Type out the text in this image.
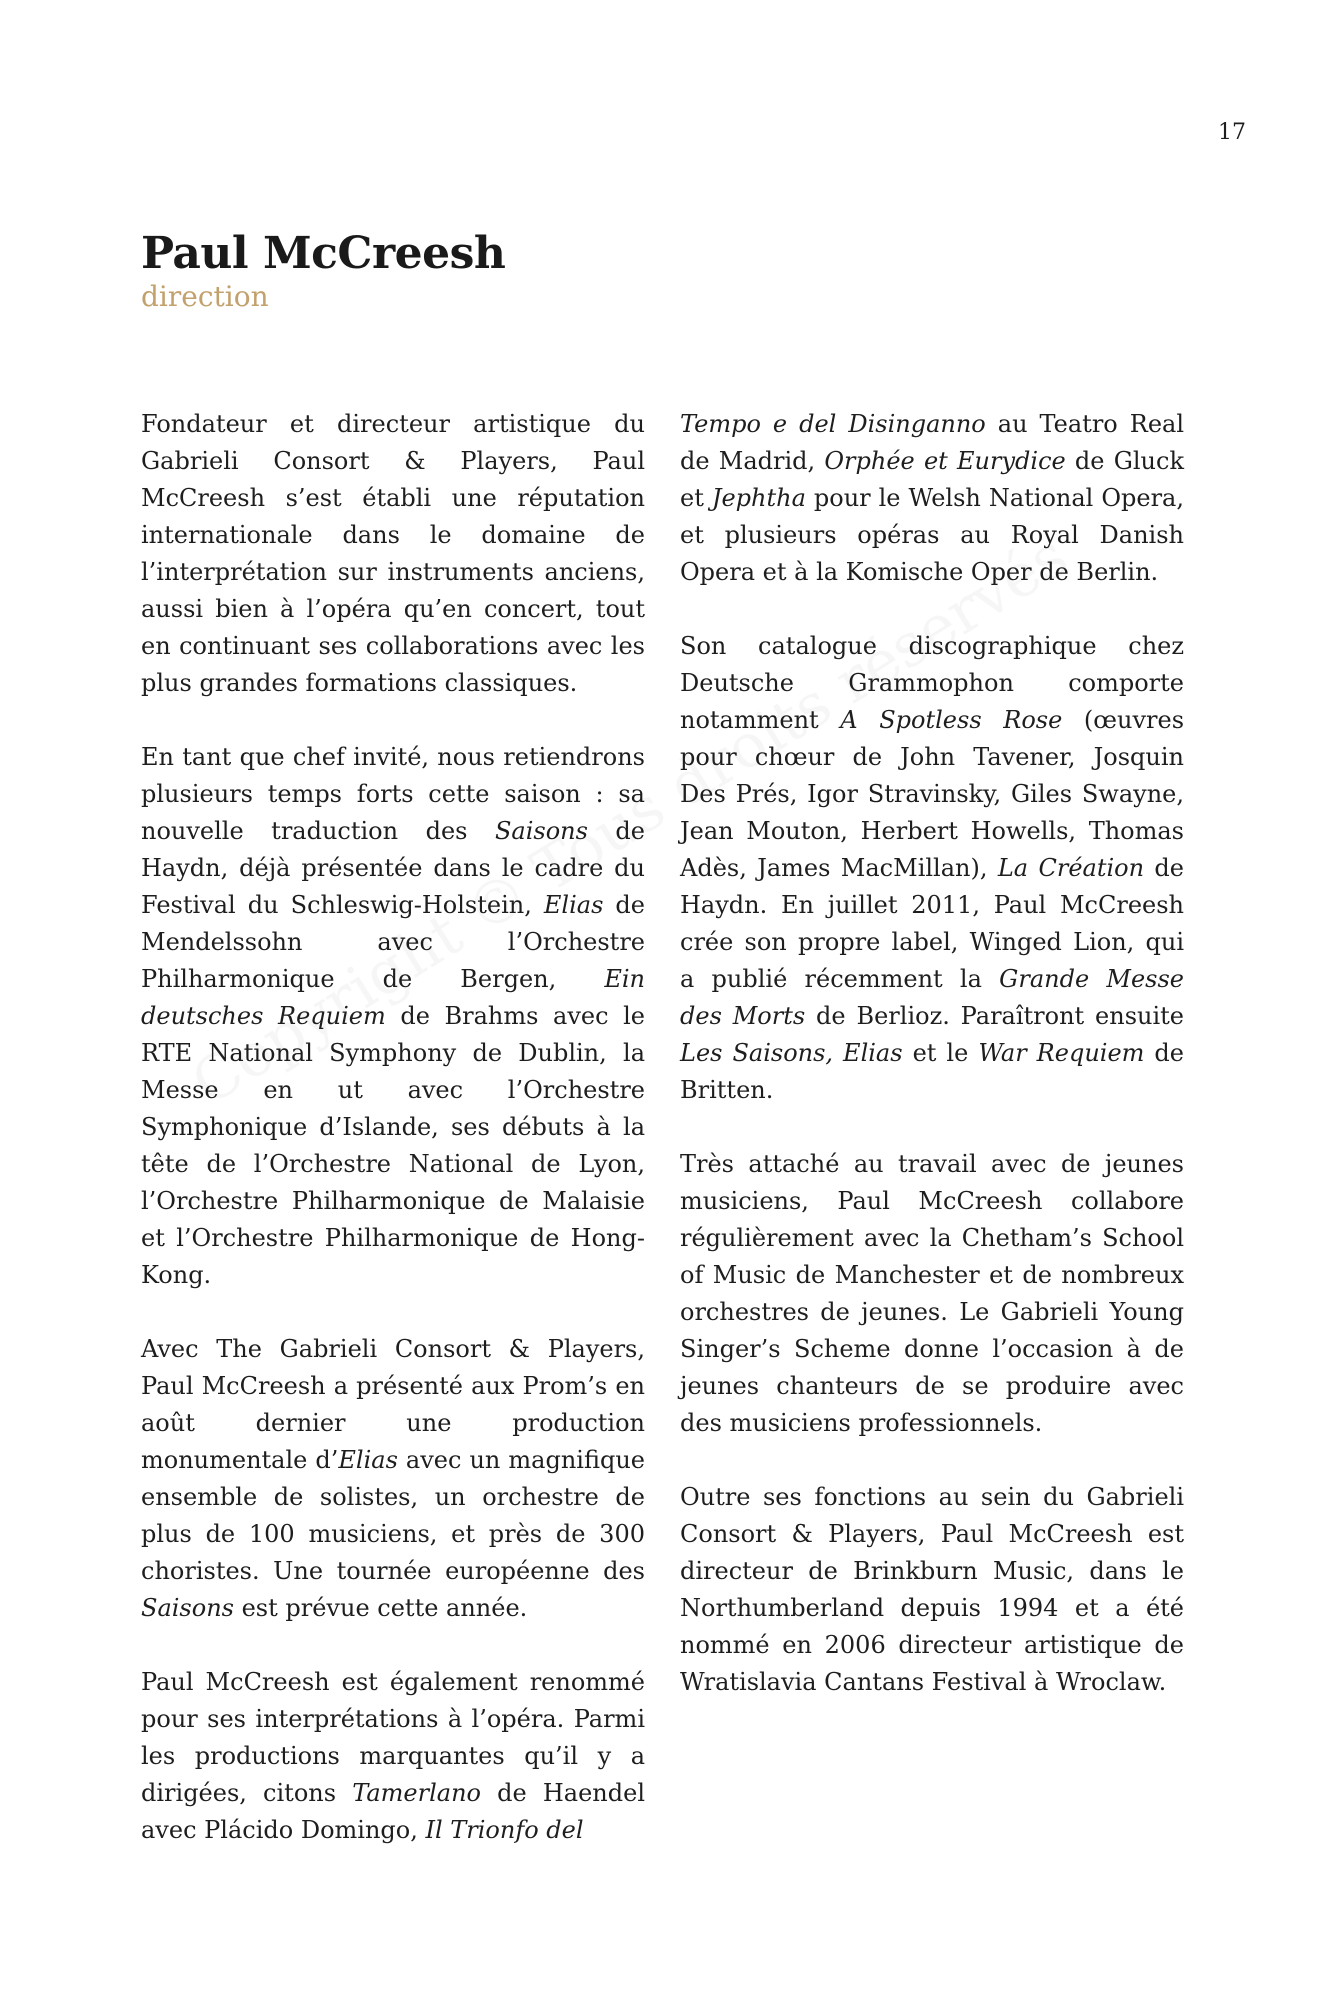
17
Paul McCreesh
direction

Fondateur et directeur artistique du Gabrieli Consort & Players, Paul McCreesh s’est établi une réputation internationale dans le domaine de l’interprétation sur instruments anciens, aussi bien à l’opéra qu’en concert, tout en continuant ses collaborations avec les plus grandes formations classiques.

En tant que chef invité, nous retiendrons plusieurs temps forts cette saison : sa nouvelle traduction des Saisons de Haydn, déjà présentée dans le cadre du Festival du Schleswig-Holstein, Elias de Mendelssohn avec l’Orchestre Philharmonique de Bergen, Ein deutsches Requiem de Brahms avec le RTE National Symphony de Dublin, la Messe en ut avec l’Orchestre Symphonique d’Islande, ses débuts à la tête de l’Orchestre National de Lyon, l’Orchestre Philharmonique de Malaisie et l’Orchestre Philharmonique de Hong-Kong.

Avec The Gabrieli Consort & Players, Paul McCreesh a présenté aux Prom’s en août dernier une production monumentale d’Elias avec un magnifique ensemble de solistes, un orchestre de plus de 100 musiciens, et près de 300 choristes. Une tournée européenne des Saisons est prévue cette année.

Paul McCreesh est également renommé pour ses interprétations à l’opéra. Parmi les productions marquantes qu’il y a dirigées, citons Tamerlano de Haendel avec Plácido Domingo, Il Trionfo del

Tempo e del Disinganno au Teatro Real de Madrid, Orphée et Eurydice de Gluck et Jephtha pour le Welsh National Opera, et plusieurs opéras au Royal Danish Opera et à la Komische Oper de Berlin.

Son catalogue discographique chez Deutsche Grammophon comporte notamment A Spotless Rose (œuvres pour chœur de John Tavener, Josquin Des Prés, Igor Stravinsky, Giles Swayne, Jean Mouton, Herbert Howells, Thomas Adès, James MacMillan), La Création de Haydn. En juillet 2011, Paul McCreesh crée son propre label, Winged Lion, qui a publié récemment la Grande Messe des Morts de Berlioz. Paraîtront ensuite Les Saisons, Elias et le War Requiem de Britten.

Très attaché au travail avec de jeunes musiciens, Paul McCreesh collabore régulièrement avec la Chetham’s School of Music de Manchester et de nombreux orchestres de jeunes. Le Gabrieli Young Singer’s Scheme donne l’occasion à de jeunes chanteurs de se produire avec des musiciens professionnels.

Outre ses fonctions au sein du Gabrieli Consort & Players, Paul McCreesh est directeur de Brinkburn Music, dans le Northumberland depuis 1994 et a été nommé en 2006 directeur artistique de Wratislavia Cantans Festival à Wroclaw.
